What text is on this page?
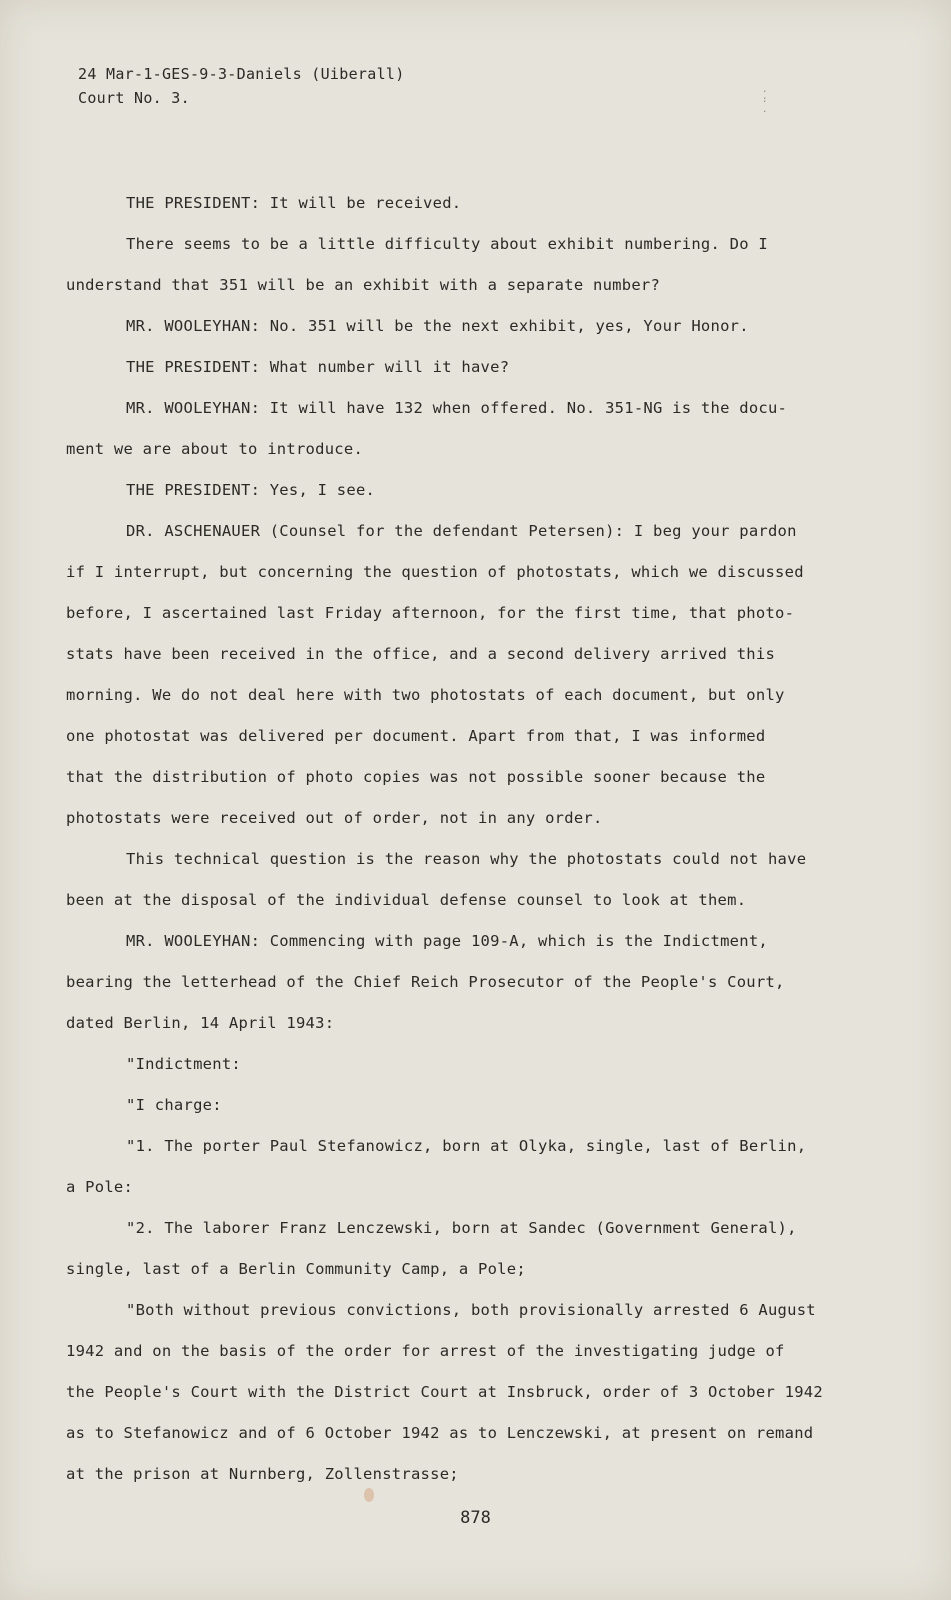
. : .
24 Mar-1-GES-9-3-Daniels (Uiberall)
Court No. 3.
THE PRESIDENT: It will be received.
There seems to be a little difficulty about exhibit numbering. Do I
understand that 351 will be an exhibit with a separate number?
MR. WOOLEYHAN: No. 351 will be the next exhibit, yes, Your Honor.
THE PRESIDENT: What number will it have?
MR. WOOLEYHAN: It will have 132 when offered. No. 351-NG is the docu-
ment we are about to introduce.
THE PRESIDENT: Yes, I see.
DR. ASCHENAUER (Counsel for the defendant Petersen): I beg your pardon
if I interrupt, but concerning the question of photostats, which we discussed
before, I ascertained last Friday afternoon, for the first time, that photo-
stats have been received in the office, and a second delivery arrived this
morning. We do not deal here with two photostats of each document, but only
one photostat was delivered per document. Apart from that, I was informed
that the distribution of photo copies was not possible sooner because the
photostats were received out of order, not in any order.
This technical question is the reason why the photostats could not have
been at the disposal of the individual defense counsel to look at them.
MR. WOOLEYHAN: Commencing with page 109-A, which is the Indictment,
bearing the letterhead of the Chief Reich Prosecutor of the People's Court,
dated Berlin, 14 April 1943:
"Indictment:
"I charge:
"1. The porter Paul Stefanowicz, born at Olyka, single, last of Berlin,
a Pole:
"2. The laborer Franz Lenczewski, born at Sandec (Government General),
single, last of a Berlin Community Camp, a Pole;
"Both without previous convictions, both provisionally arrested 6 August
1942 and on the basis of the order for arrest of the investigating judge of
the People's Court with the District Court at Insbruck, order of 3 October 1942
as to Stefanowicz and of 6 October 1942 as to Lenczewski, at present on remand
at the prison at Nurnberg, Zollenstrasse;
878
